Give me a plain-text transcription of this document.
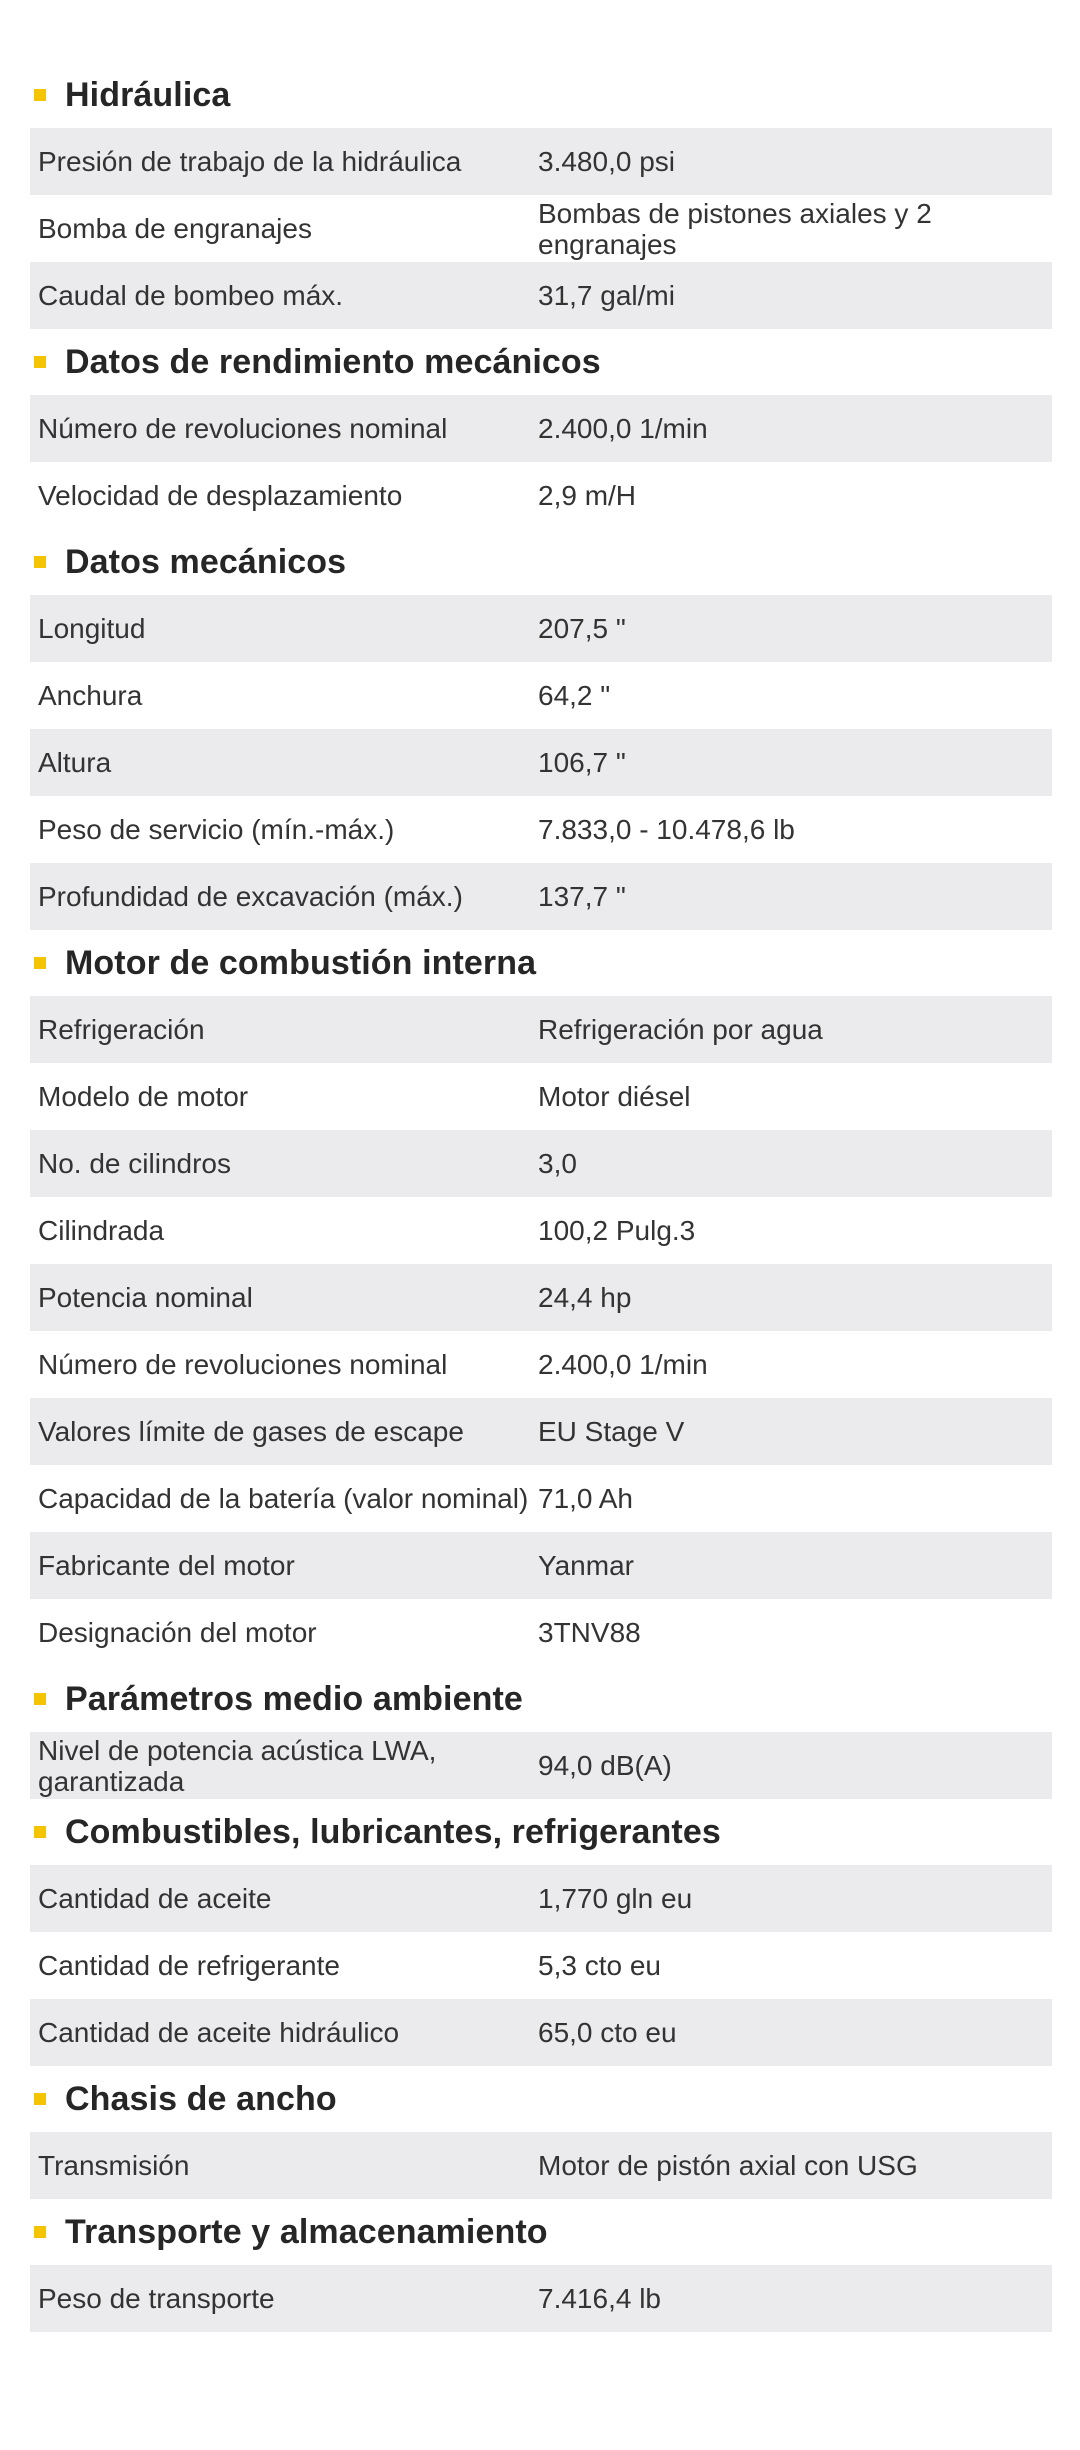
Hidráulica
Presión de trabajo de la hidráulica	3.480,0 psi
Bomba de engranajes	Bombas de pistones axiales y 2 engranajes
Caudal de bombeo máx.	31,7 gal/mi
Datos de rendimiento mecánicos
Número de revoluciones nominal	2.400,0 1/min
Velocidad de desplazamiento	2,9 m/H
Datos mecánicos
Longitud	207,5 "
Anchura	64,2 "
Altura	106,7 "
Peso de servicio (mín.-máx.)	7.833,0 - 10.478,6 lb
Profundidad de excavación (máx.)	137,7 "
Motor de combustión interna
Refrigeración	Refrigeración por agua
Modelo de motor	Motor diésel
No. de cilindros	3,0
Cilindrada	100,2 Pulg.3
Potencia nominal	24,4 hp
Número de revoluciones nominal	2.400,0 1/min
Valores límite de gases de escape	EU Stage V
Capacidad de la batería (valor nominal) 71,0 Ah
Fabricante del motor	Yanmar
Designación del motor	3TNV88
Parámetros medio ambiente
Nivel de potencia acústica LWA, garantizada	94,0 dB(A)
Combustibles, lubricantes, refrigerantes
Cantidad de aceite	1,770 gln eu
Cantidad de refrigerante	5,3 cto eu
Cantidad de aceite hidráulico	65,0 cto eu
Chasis de ancho
Transmisión	Motor de pistón axial con USG
Transporte y almacenamiento
Peso de transporte	7.416,4 lb
